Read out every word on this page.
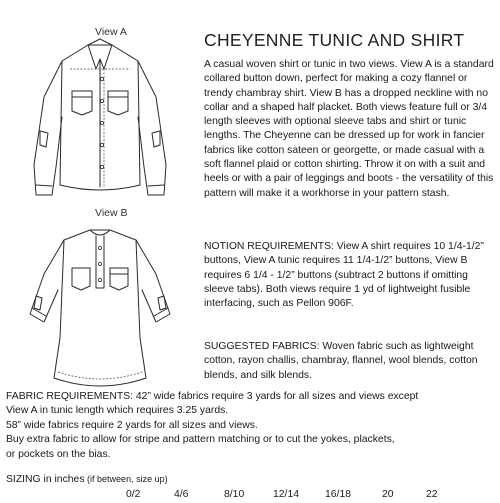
View A
View B
CHEYENNE TUNIC AND SHIRT

A casual woven shirt or tunic in two views. View A is a standard collared button down, perfect for making a cozy flannel or trendy chambray shirt. View B has a dropped neckline with no collar and a shaped half placket. Both views feature full or 3/4 length sleeves with optional sleeve tabs and shirt or tunic lengths. The Cheyenne can be dressed up for work in fancier fabrics like cotton sateen or georgette, or made casual with a soft flannel plaid or cotton shirting. Throw it on with a suit and heels or with a pair of leggings and boots - the versatility of this pattern will make it a workhorse in your pattern stash.

NOTION REQUIREMENTS: View A shirt requires 10 1/4-1/2” buttons, View A tunic requires 11 1/4-1/2” buttons, View B requires 6 1/4 - 1/2” buttons (subtract 2 buttons if omitting sleeve tabs). Both views require 1 yd of lightweight fusible interfacing, such as Pellon 906F.

SUGGESTED FABRICS: Woven fabric such as lightweight cotton, rayon challis, chambray, flannel, wool blends, cotton blends, and silk blends.

FABRIC REQUIREMENTS: 42” wide fabrics require 3 yards for all sizes and views except
View A in tunic length which requires 3.25 yards.
58” wide fabrics require 2 yards for all sizes and views.
Buy extra fabric to allow for stripe and pattern matching or to cut the yokes, plackets,
or pockets on the bias.
SIZING in inches (if between, size up)
0/2	4/6	8/10	12/14 16/18	20	22
